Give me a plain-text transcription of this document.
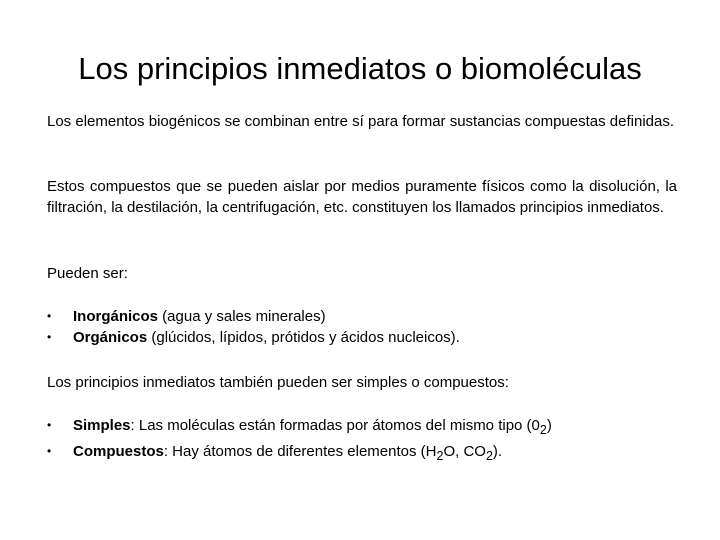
Los principios inmediatos o biomoléculas

Los elementos biogénicos se combinan entre sí para formar sustancias compuestas definidas.

Estos compuestos que se pueden aislar por medios puramente físicos como la disolución, la filtración, la destilación, la centrifugación, etc. constituyen los llamados principios inmediatos.

Pueden ser:

• Inorgánicos (agua y sales minerales)
• Orgánicos (glúcidos, lípidos, prótidos y ácidos nucleicos).

Los principios inmediatos también pueden ser simples o compuestos:

• Simples: Las moléculas están formadas por átomos del mismo tipo $(0_2)$
• Compuestos: Hay átomos de diferentes elementos ($H_2O$, $CO_2$).
